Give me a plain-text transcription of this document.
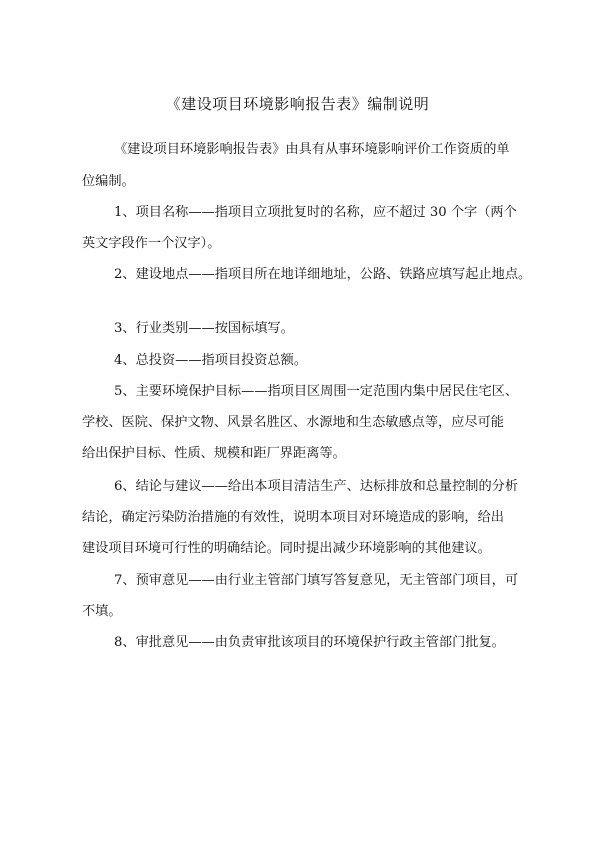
《建设项目环境影响报告表》编制说明
《建设项目环境影响报告表》由具有从事环境影响评价工作资质的单
位编制。
1、项目名称——指项目立项批复时的名称，应不超过 30 个字（两个
英文字段作一个汉字）。
2、建设地点——指项目所在地详细地址，公路、铁路应填写起止地点。
3、行业类别——按国标填写。
4、总投资——指项目投资总额。
5、主要环境保护目标——指项目区周围一定范围内集中居民住宅区、
学校、医院、保护文物、风景名胜区、水源地和生态敏感点等，应尽可能
给出保护目标、性质、规模和距厂界距离等。
6、结论与建议——给出本项目清洁生产、达标排放和总量控制的分析
结论，确定污染防治措施的有效性，说明本项目对环境造成的影响，给出
建设项目环境可行性的明确结论。同时提出减少环境影响的其他建议。
7、预审意见——由行业主管部门填写答复意见，无主管部门项目，可
不填。
8、审批意见——由负责审批该项目的环境保护行政主管部门批复。
